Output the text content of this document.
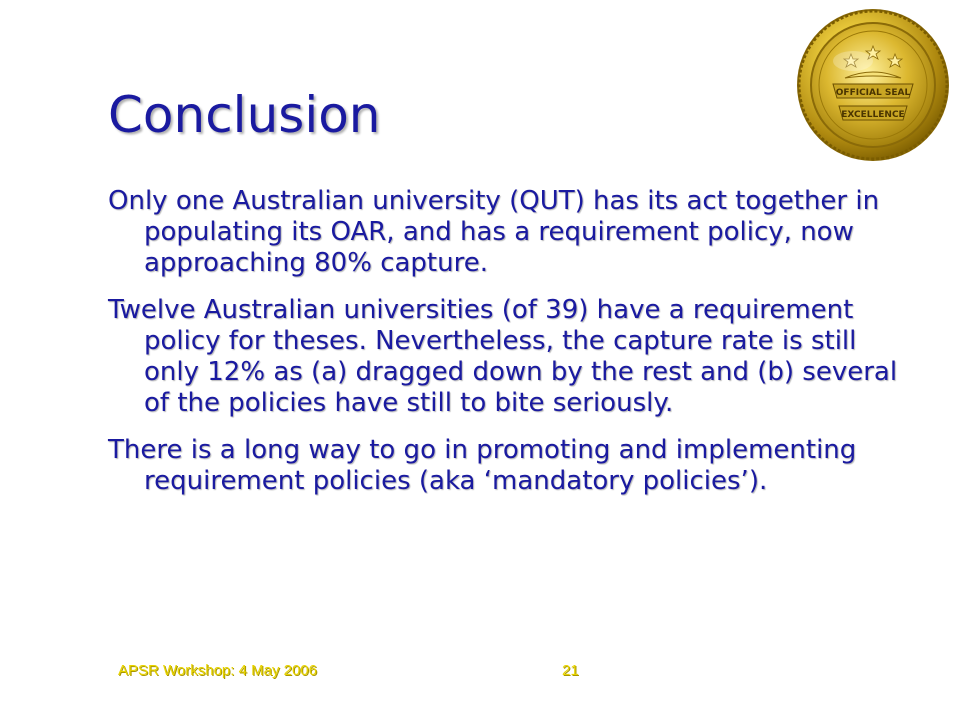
Conclusion

Only one Australian university (QUT) has its act together in populating its OAR, and has a requirement policy, now approaching 80% capture.

Twelve Australian universities (of 39) have a requirement policy for theses. Nevertheless, the capture rate is still only 12% as (a) dragged down by the rest and (b) several of the policies have still to bite seriously.

There is a long way to go in promoting and implementing requirement policies (aka ‘mandatory policies’).

OFFICIAL SEAL
EXCELLENCE
APSR Workshop: 4 May 2006	21
